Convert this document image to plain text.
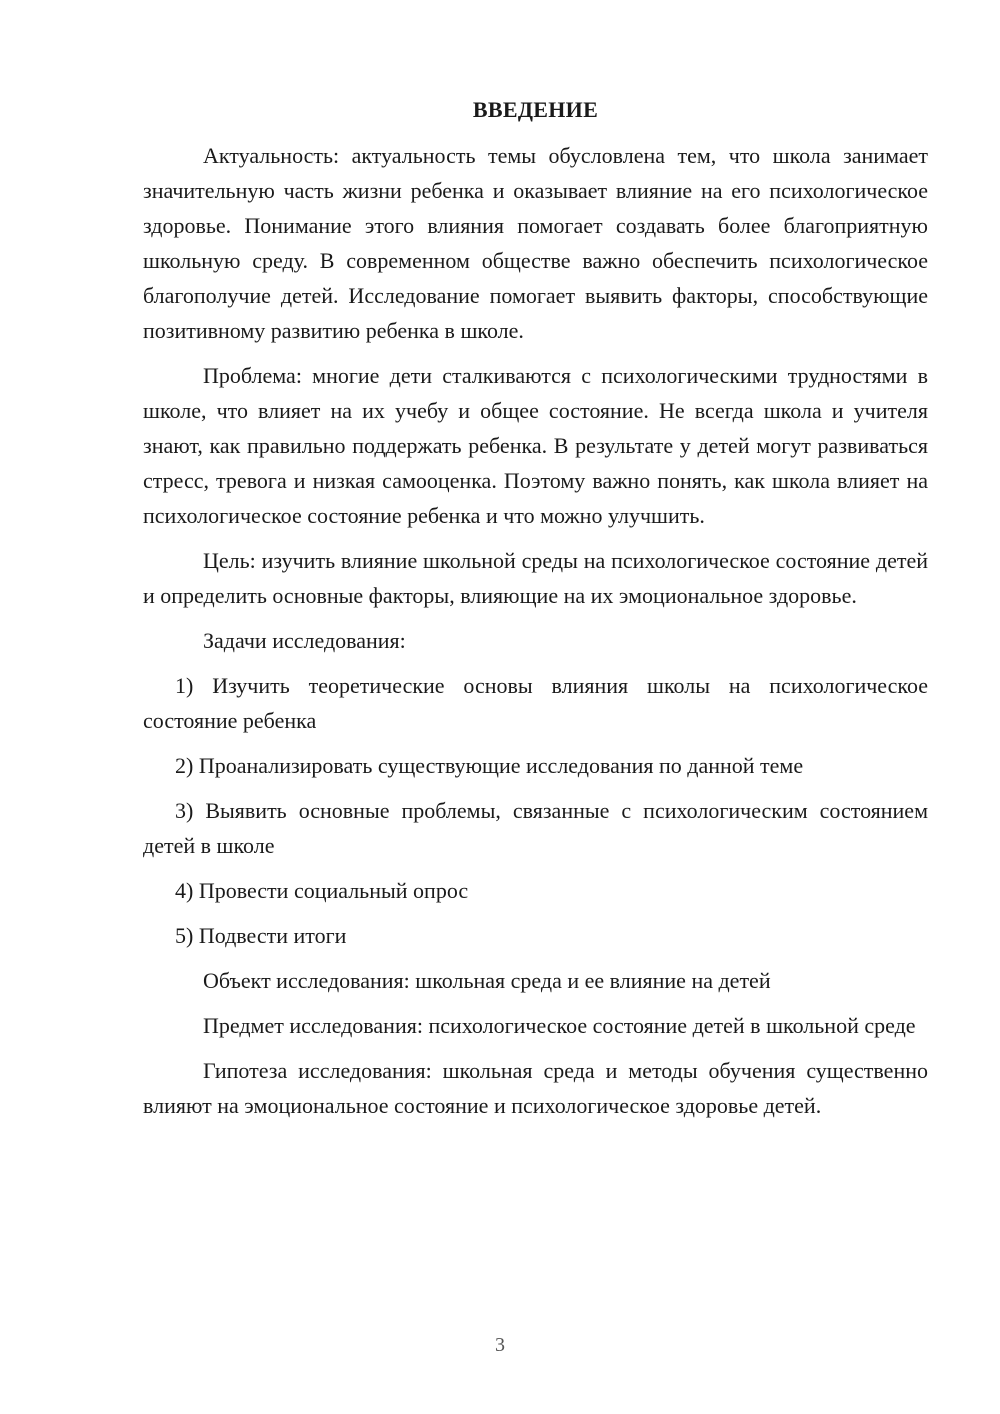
ВВЕДЕНИЕ

Актуальность: актуальность темы обусловлена тем, что школа занимает значительную часть жизни ребенка и оказывает влияние на его психологическое здоровье. Понимание этого влияния помогает создавать более благоприятную школьную среду. В современном обществе важно обеспечить психологическое благополучие детей. Исследование помогает выявить факторы, способствующие позитивному развитию ребенка в школе.

Проблема: многие дети сталкиваются с психологическими трудностями в школе, что влияет на их учебу и общее состояние. Не всегда школа и учителя знают, как правильно поддержать ребенка. В результате у детей могут развиваться стресс, тревога и низкая самооценка. Поэтому важно понять, как школа влияет на психологическое состояние ребенка и что можно улучшить.

Цель: изучить влияние школьной среды на психологическое состояние детей и определить основные факторы, влияющие на их эмоциональное здоровье.

Задачи исследования:

1) Изучить теоретические основы влияния школы на психологическое состояние ребенка

2) Проанализировать существующие исследования по данной теме

3) Выявить основные проблемы, связанные с психологическим состоянием детей в школе

4) Провести социальный опрос

5) Подвести итоги

Объект исследования: школьная среда и ее влияние на детей

Предмет исследования: психологическое состояние детей в школьной среде

Гипотеза исследования: школьная среда и методы обучения существенно влияют на эмоциональное состояние и психологическое здоровье детей.

3
